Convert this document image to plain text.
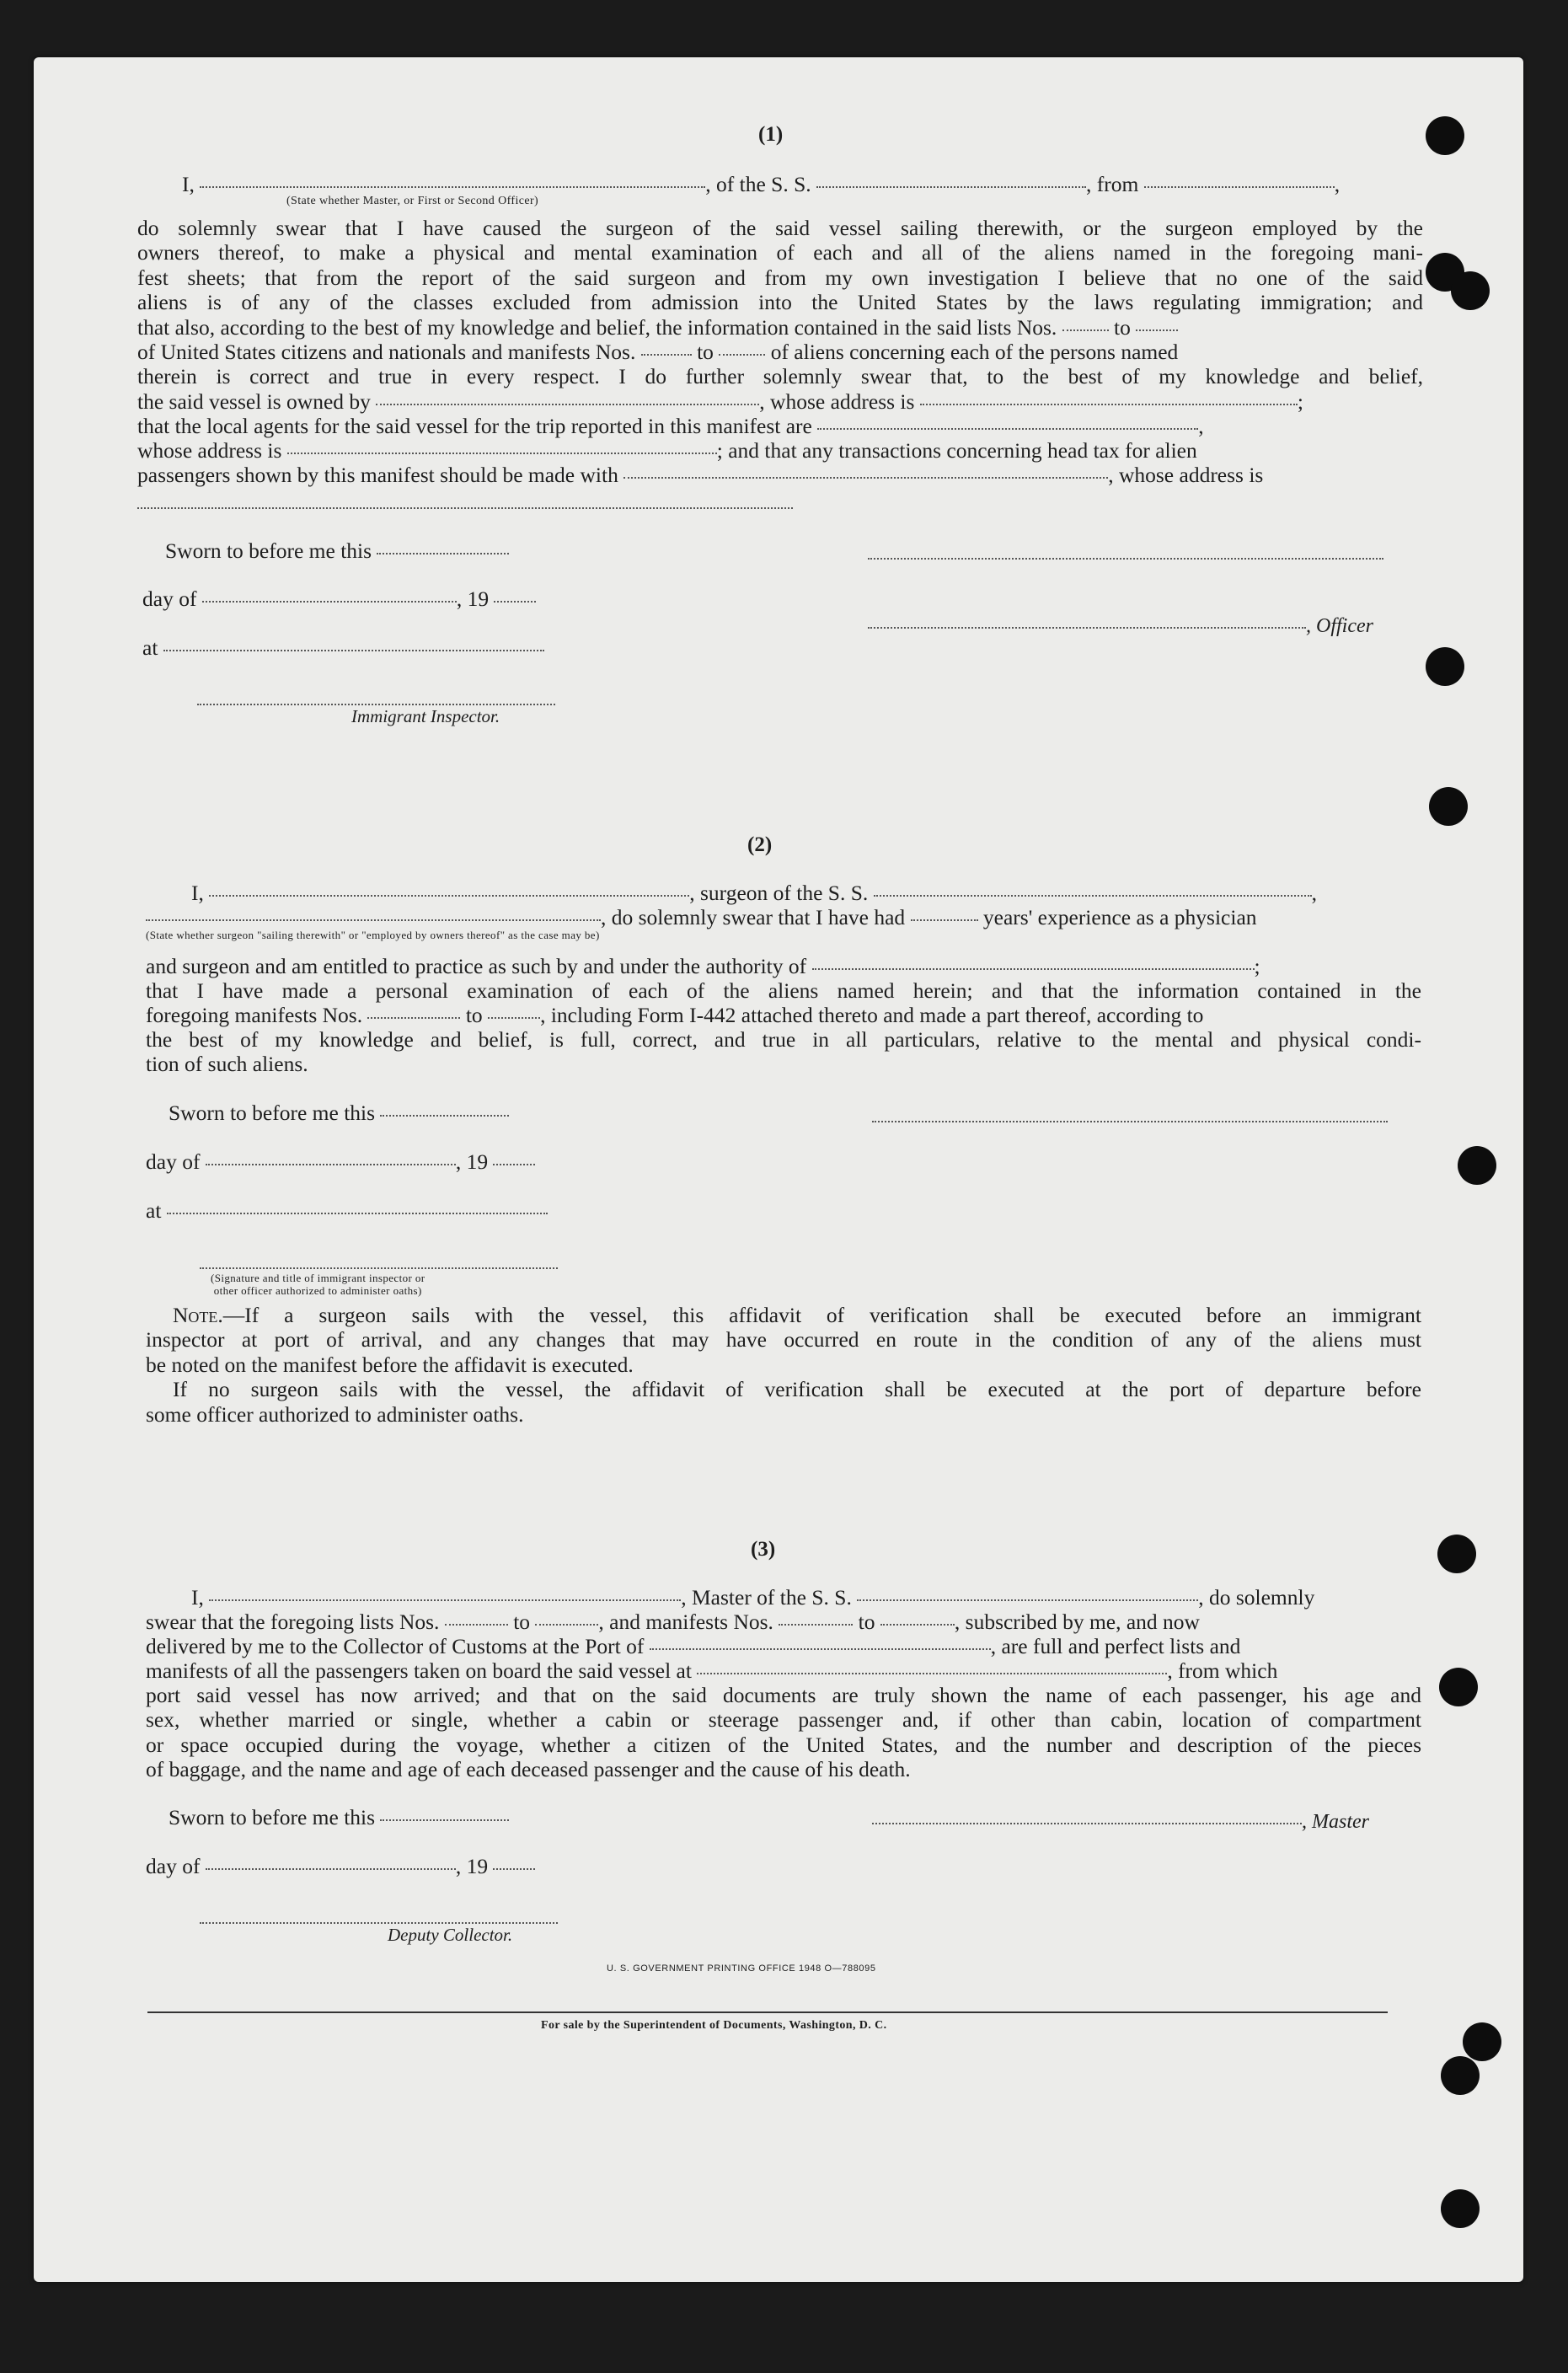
(1)
I,	, of the S. S.	, from	,
(State whether Master, or First or Second Officer)
do solemnly swear that I have caused the surgeon of the said vessel sailing therewith, or the surgeon employed by the
owners thereof, to make a physical and mental examination of each and all of the aliens named in the foregoing mani-
fest sheets; that from the report of the said surgeon and from my own investigation I believe that no one of the said
aliens is of any of the classes excluded from admission into the United States by the laws regulating immigration; and
that also, according to the best of my knowledge and belief, the information contained in the said lists Nos.	to
of United States citizens and nationals and manifests Nos.	to	of aliens concerning each of the persons named
therein is correct and true in every respect. I do further solemnly swear that, to the best of my knowledge and belief,
the said vessel is owned by	, whose address is	;
that the local agents for the said vessel for the trip reported in this manifest are	,
whose address is	; and that any transactions concerning head tax for alien
passengers shown by this manifest should be made with	, whose address is
Sworn to before me this
day of	, 19
, Officer
at
Immigrant Inspector.
(2)
I,	, surgeon of the S. S.	,
, do solemnly swear that I have had	years' experience as a physician
(State whether surgeon "sailing therewith" or "employed by owners thereof" as the case may be)
and surgeon and am entitled to practice as such by and under the authority of	;
that I have made a personal examination of each of the aliens named herein; and that the information contained in the
foregoing manifests Nos.	to	, including Form I-442 attached thereto and made a part thereof, according to
the best of my knowledge and belief, is full, correct, and true in all particulars, relative to the mental and physical condi-
tion of such aliens.
Sworn to before me this
day of	, 19
at
(Signature and title of immigrant inspector or
other officer authorized to administer oaths)
Note.—If a surgeon sails with the vessel, this affidavit of verification shall be executed before an immigrant
inspector at port of arrival, and any changes that may have occurred en route in the condition of any of the aliens must
be noted on the manifest before the affidavit is executed.
If no surgeon sails with the vessel, the affidavit of verification shall be executed at the port of departure before
some officer authorized to administer oaths.
(3)
I,	, Master of the S. S.	, do solemnly
swear that the foregoing lists Nos.	to	, and manifests Nos.	to	, subscribed by me, and now
delivered by me to the Collector of Customs at the Port of	, are full and perfect lists and
manifests of all the passengers taken on board the said vessel at	, from which
port said vessel has now arrived; and that on the said documents are truly shown the name of each passenger, his age and
sex, whether married or single, whether a cabin or steerage passenger and, if other than cabin, location of compartment
or space occupied during the voyage, whether a citizen of the United States, and the number and description of the pieces
of baggage, and the name and age of each deceased passenger and the cause of his death.
Sworn to before me this	, Master
day of	, 19
Deputy Collector.
U. S. GOVERNMENT PRINTING OFFICE 1948 O—788095
For sale by the Superintendent of Documents, Washington, D. C.
